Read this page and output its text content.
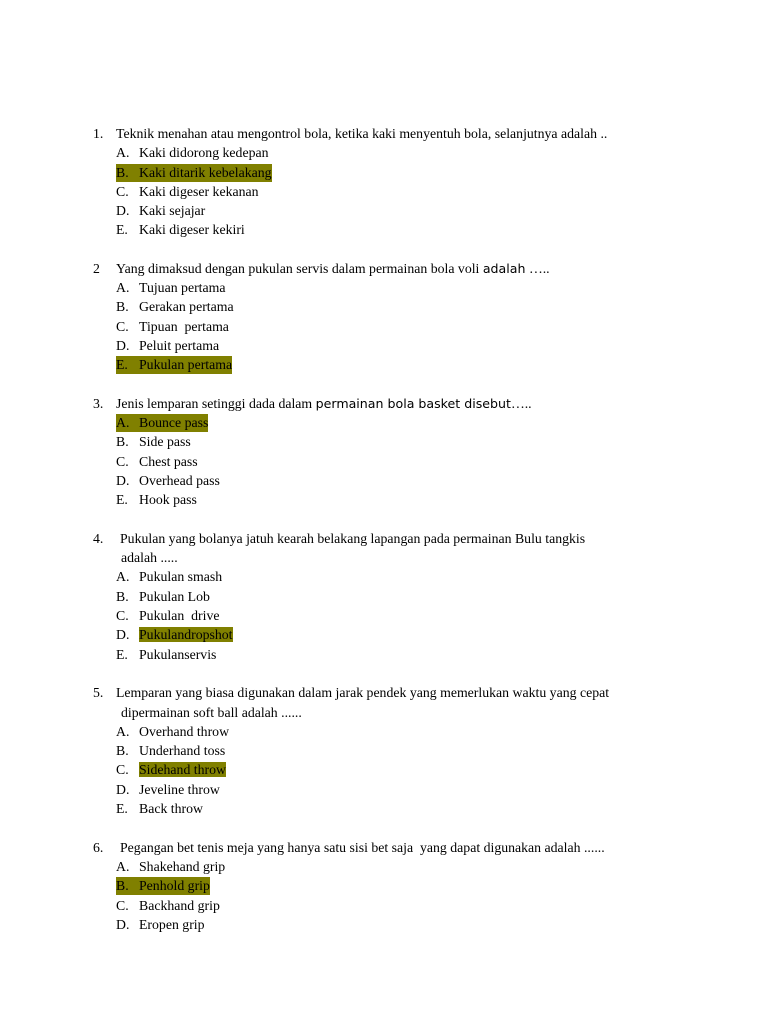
1. Teknik menahan atau mengontrol bola, ketika kaki menyentuh bola, selanjutnya adalah ..
A. Kaki didorong kedepan
B. Kaki ditarik kebelakang
C. Kaki digeser kekanan
D. Kaki sejajar
E. Kaki digeser kekiri
2 Yang dimaksud dengan pukulan servis dalam permainan bola voli adalah …..
A. Tujuan pertama
B. Gerakan pertama
C. Tipuan  pertama
D. Peluit pertama
E. Pukulan pertama
3. Jenis lemparan setinggi dada dalam permainan bola basket disebut…..
A. Bounce pass
B. Side pass
C. Chest pass
D. Overhead pass
E. Hook pass
4. Pukulan yang bolanya jatuh kearah belakang lapangan pada permainan Bulu tangkis
adalah .....
A. Pukulan smash
B. Pukulan Lob
C. Pukulan  drive
D. Pukulandropshot
E. Pukulanservis
5. Lemparan yang biasa digunakan dalam jarak pendek yang memerlukan waktu yang cepat
dipermainan soft ball adalah ......
A. Overhand throw
B. Underhand toss
C. Sidehand throw
D. Jeveline throw
E. Back throw
6. Pegangan bet tenis meja yang hanya satu sisi bet saja  yang dapat digunakan adalah ......
A. Shakehand grip
B. Penhold grip
C. Backhand grip
D. Eropen grip
